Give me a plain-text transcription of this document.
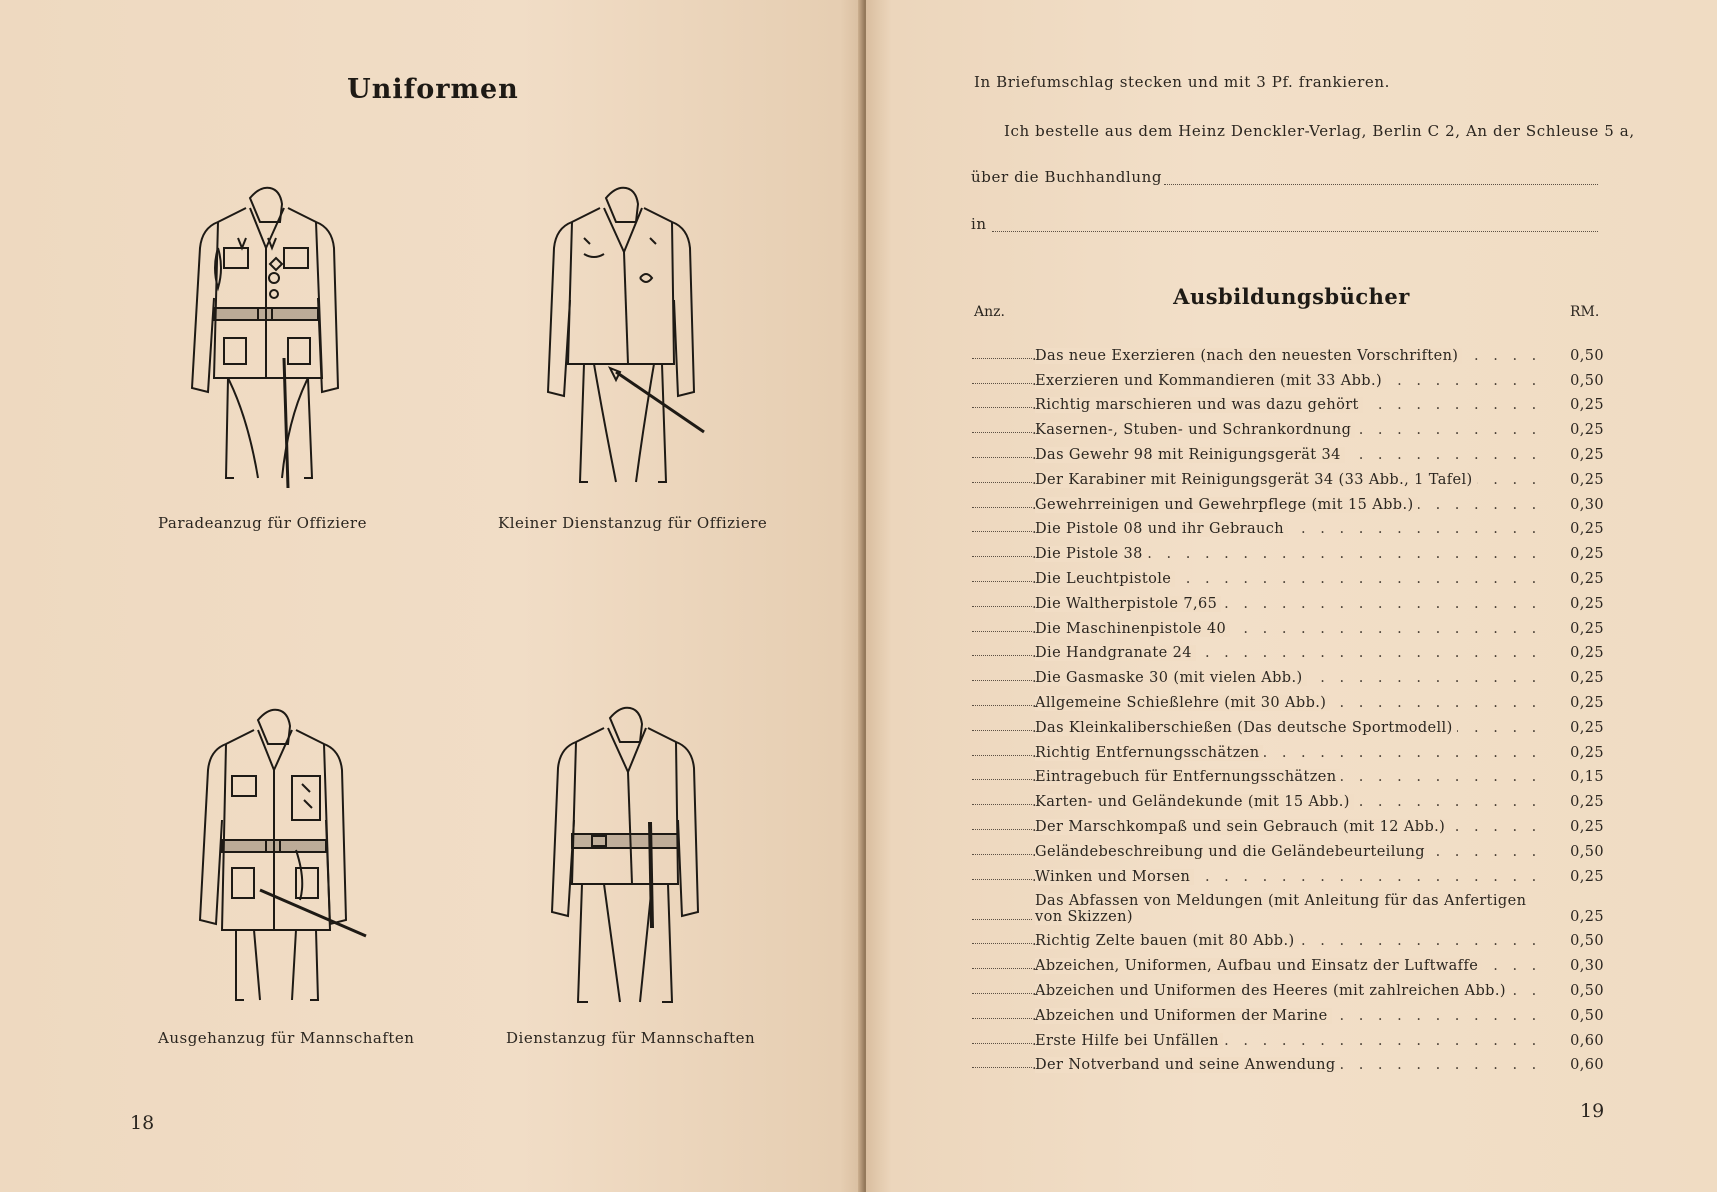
Uniformen
Paradeanzug für Offiziere	Kleiner Dienstanzug für Offiziere
Ausgehanzug für Mannschaften	Dienstanzug für Mannschaften
18
In Briefumschlag stecken und mit 3 Pf. frankieren.
Ich bestelle aus dem Heinz Denckler-Verlag, Berlin C 2, An der Schleuse 5 a,
über die Buchhandlung
in
Ausbildungsbücher
Anz.	RM.
Das neue Exerzieren (nach den neuesten Vorschriften) . . .	0,50
Exerzieren und Kommandieren (mit 33 Abb.) . . .	0,50
Richtig marschieren und was dazu gehört . . .	0,25
Kasernen-, Stuben- und Schrankordnung . . .	0,25
Das Gewehr 98 mit Reinigungsgerät 34 . . .	0,25
Der Karabiner mit Reinigungsgerät 34 (33 Abb., 1 Tafel) . . .	0,25
Gewehrreinigen und Gewehrpflege (mit 15 Abb.) . . .	0,30
Die Pistole 08 und ihr Gebrauch . . .	0,25
Die Pistole 38 . . .	0,25
Die Leuchtpistole . . .	0,25
Die Waltherpistole 7,65 . . .	0,25
Die Maschinenpistole 40 . . .	0,25
Die Handgranate 24 . . .	0,25
Die Gasmaske 30 (mit vielen Abb.) . . .	0,25
Allgemeine Schießlehre (mit 30 Abb.) . . .	0,25
Das Kleinkaliberschießen (Das deutsche Sportmodell) . . .	0,25
Richtig Entfernungsschätzen . . .	0,25
Eintragebuch für Entfernungsschätzen . . .	0,15
Karten- und Geländekunde (mit 15 Abb.) . . .	0,25
Der Marschkompaß und sein Gebrauch (mit 12 Abb.) . . .	0,25
Geländebeschreibung und die Geländebeurteilung . . .	0,50
Winken und Morsen . . .	0,25
Das Abfassen von Meldungen (mit Anleitung für das Anfertigen von Skizzen)	0,25
Richtig Zelte bauen (mit 80 Abb.) . . .	0,50
Abzeichen, Uniformen, Aufbau und Einsatz der Luftwaffe . . .	0,30
Abzeichen und Uniformen des Heeres (mit zahlreichen Abb.) . . .	0,50
Abzeichen und Uniformen der Marine . . .	0,50
Erste Hilfe bei Unfällen . . .	0,60
Der Notverband und seine Anwendung . . .	0,60
19
